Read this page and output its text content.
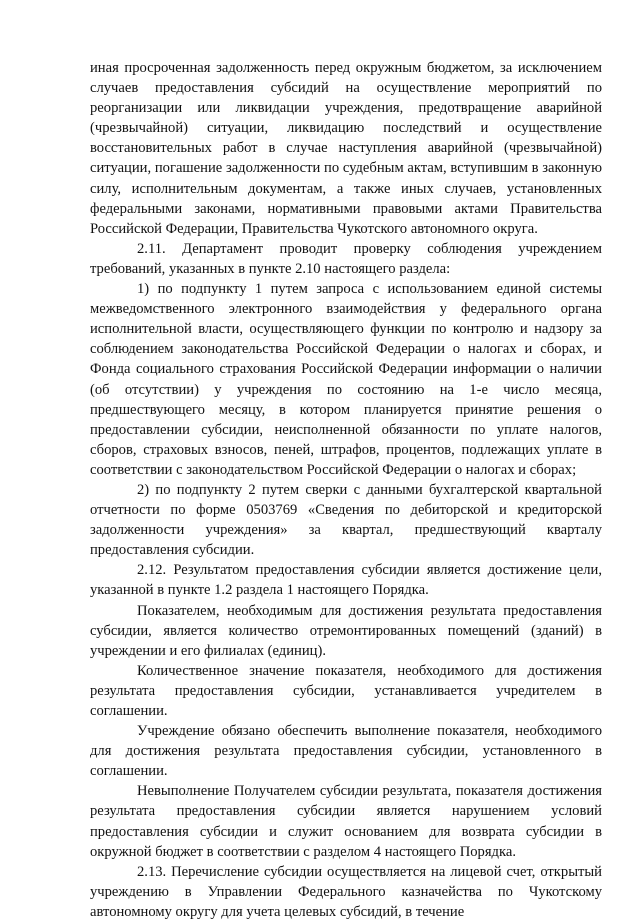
иная просроченная задолженность перед окружным бюджетом, за исключением случаев предоставления субсидий на осуществление мероприятий по реорганизации или ликвидации учреждения, предотвращение аварийной (чрезвычайной) ситуации, ликвидацию последствий и осуществление восстановительных работ в случае наступления аварийной (чрезвычайной) ситуации, погашение задолженности по судебным актам, вступившим в законную силу, исполнительным документам, а также иных случаев, установленных федеральными законами, нормативными правовыми актами Правительства Российской Федерации, Правительства Чукотского автономного округа.

2.11. Департамент проводит проверку соблюдения учреждением требований, указанных в пункте 2.10 настоящего раздела:

1) по подпункту 1 путем запроса с использованием единой системы межведомственного электронного взаимодействия у федерального органа исполнительной власти, осуществляющего функции по контролю и надзору за соблюдением законодательства Российской Федерации о налогах и сборах, и Фонда социального страхования Российской Федерации информации о наличии (об отсутствии) у учреждения по состоянию на 1-е число месяца, предшествующего месяцу, в котором планируется принятие решения о предоставлении субсидии, неисполненной обязанности по уплате налогов, сборов, страховых взносов, пеней, штрафов, процентов, подлежащих уплате в соответствии с законодательством Российской Федерации о налогах и сборах;

2) по подпункту 2 путем сверки с данными бухгалтерской квартальной отчетности по форме 0503769 «Сведения по дебиторской и кредиторской задолженности учреждения» за квартал, предшествующий кварталу предоставления субсидии.

2.12. Результатом предоставления субсидии является достижение цели, указанной в пункте 1.2 раздела 1 настоящего Порядка.

Показателем, необходимым для достижения результата предоставления субсидии, является количество отремонтированных помещений (зданий) в учреждении и его филиалах (единиц).

Количественное значение показателя, необходимого для достижения результата предоставления субсидии, устанавливается учредителем в соглашении.

Учреждение обязано обеспечить выполнение показателя, необходимого для достижения результата предоставления субсидии, установленного в соглашении.

Невыполнение Получателем субсидии результата, показателя достижения результата предоставления субсидии является нарушением условий предоставления субсидии и служит основанием для возврата субсидии в окружной бюджет в соответствии с разделом 4 настоящего Порядка.

2.13. Перечисление субсидии осуществляется на лицевой счет, открытый учреждению в Управлении Федерального казначейства по Чукотскому автономному округу для учета целевых субсидий, в течение
